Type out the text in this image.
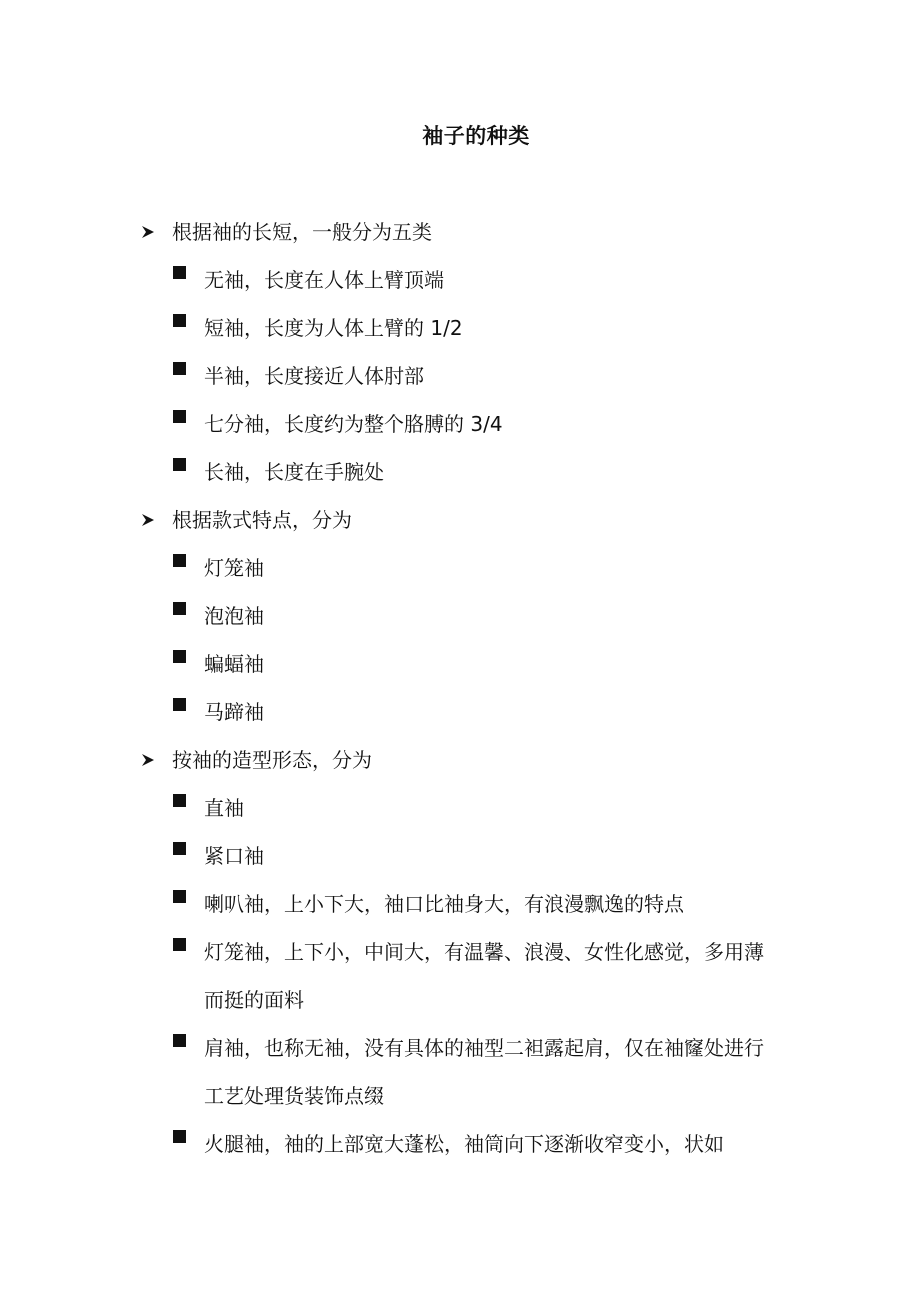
袖子的种类
根据袖的长短，一般分为五类
无袖，长度在人体上臂顶端
短袖，长度为人体上臂的 1/2
半袖，长度接近人体肘部
七分袖，长度约为整个胳膊的 3/4
长袖，长度在手腕处
根据款式特点，分为
灯笼袖
泡泡袖
蝙蝠袖
马蹄袖
按袖的造型形态，分为
直袖
紧口袖
喇叭袖，上小下大，袖口比袖身大，有浪漫飘逸的特点
灯笼袖，上下小，中间大，有温馨、浪漫、女性化感觉，多用薄而挺的面料
肩袖，也称无袖，没有具体的袖型二袒露起肩，仅在袖窿处进行工艺处理货装饰点缀
火腿袖，袖的上部宽大蓬松，袖筒向下逐渐收窄变小，状如
